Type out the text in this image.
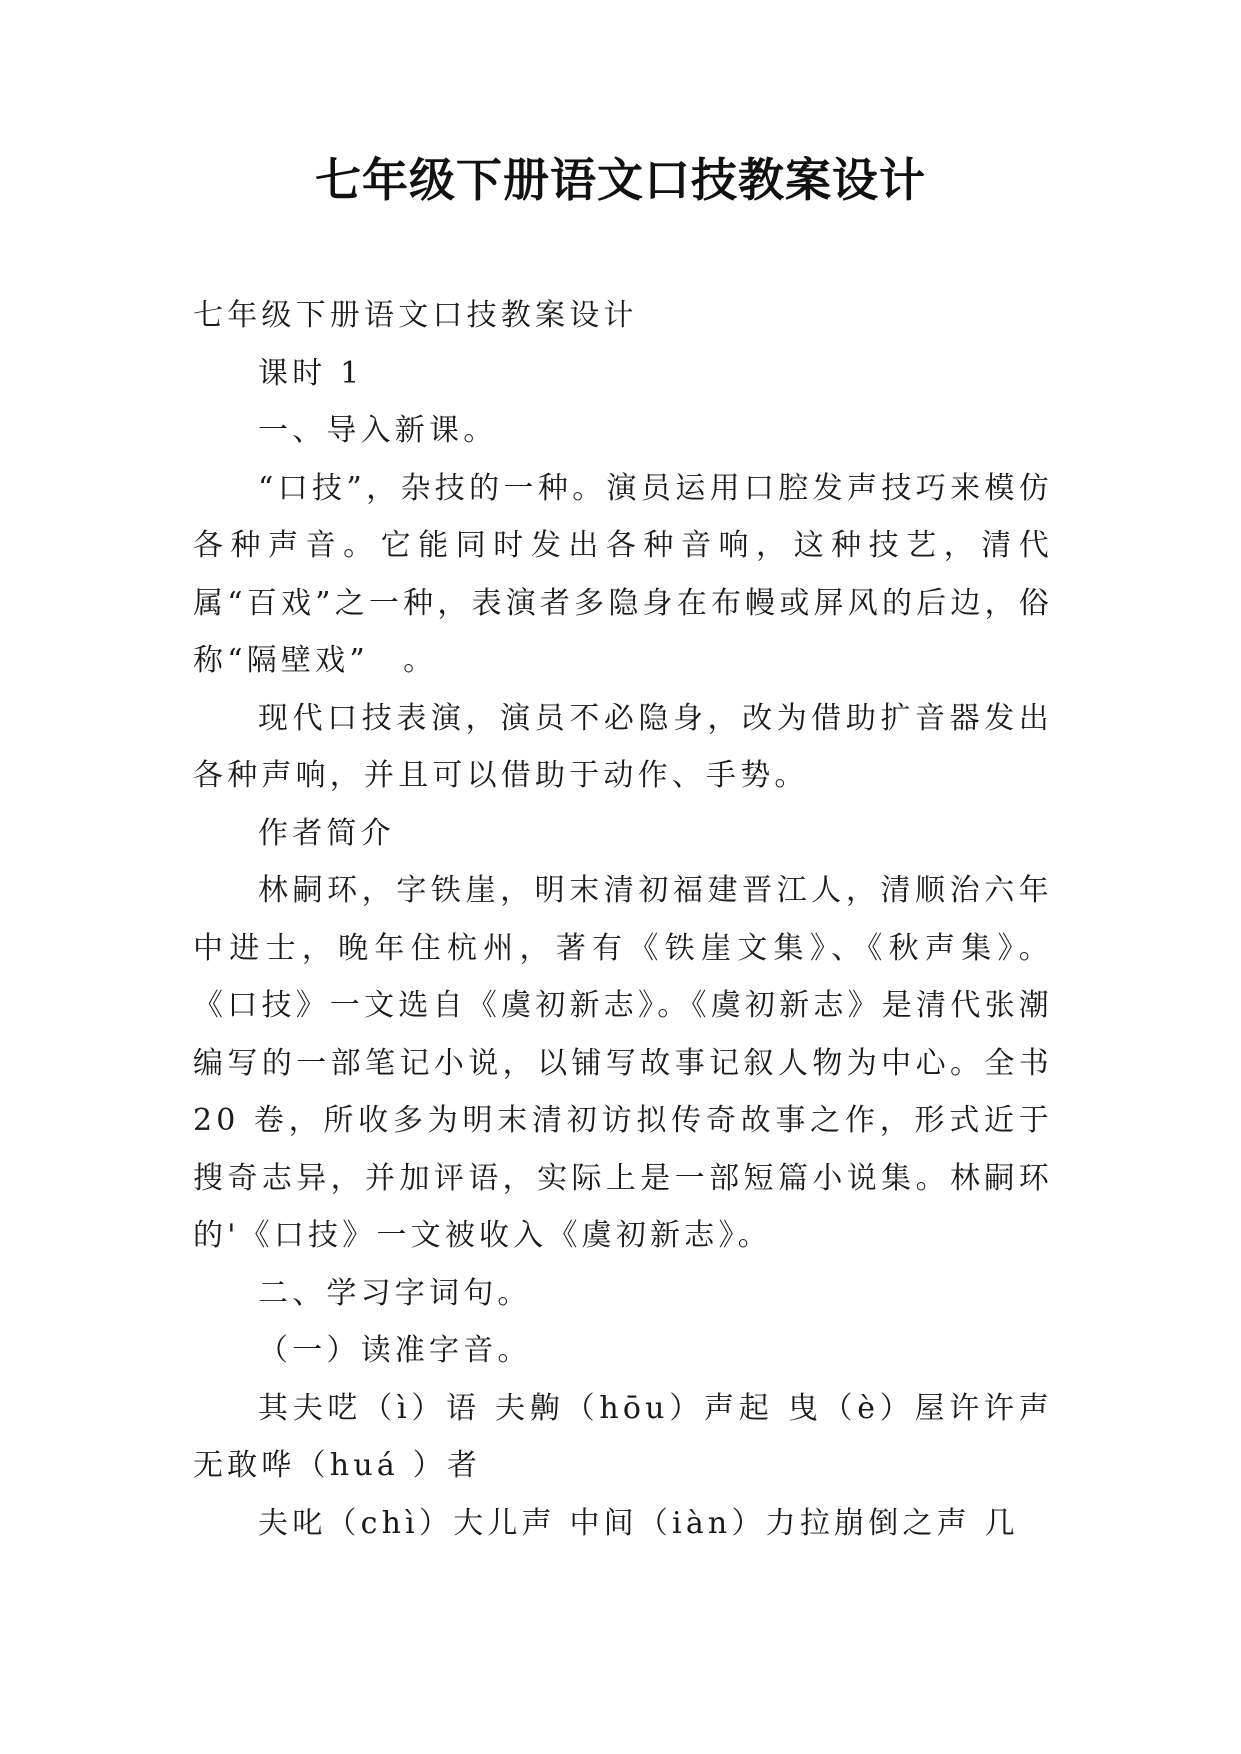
七年级下册语文口技教案设计

七年级下册语文口技教案设计

课时 1

一、导入新课。

“口技”，杂技的一种。演员运用口腔发声技巧来模仿各种声音。它能同时发出各种音响，这种技艺，清代属“百戏”之一种，表演者多隐身在布幔或屏风的后边，俗称“隔壁戏”　。

现代口技表演，演员不必隐身，改为借助扩音器发出各种声响，并且可以借助于动作、手势。

作者简介

林嗣环，字铁崖，明末清初福建晋江人，清顺治六年中进士，晚年住杭州，著有《铁崖文集》、《秋声集》。《口技》一文选自《虞初新志》。《虞初新志》是清代张潮编写的一部笔记小说，以铺写故事记叙人物为中心。全书 20 卷，所收多为明末清初访拟传奇故事之作，形式近于搜奇志异，并加评语，实际上是一部短篇小说集。林嗣环的'《口技》一文被收入《虞初新志》。

二、学习字词句。

（一）读准字音。

其夫呓（ì）语 夫齁（hōu）声起 曳（è）屋许许声无敢哗（huá ）者

夫叱（chì）大儿声 中间（iàn）力拉崩倒之声 几
